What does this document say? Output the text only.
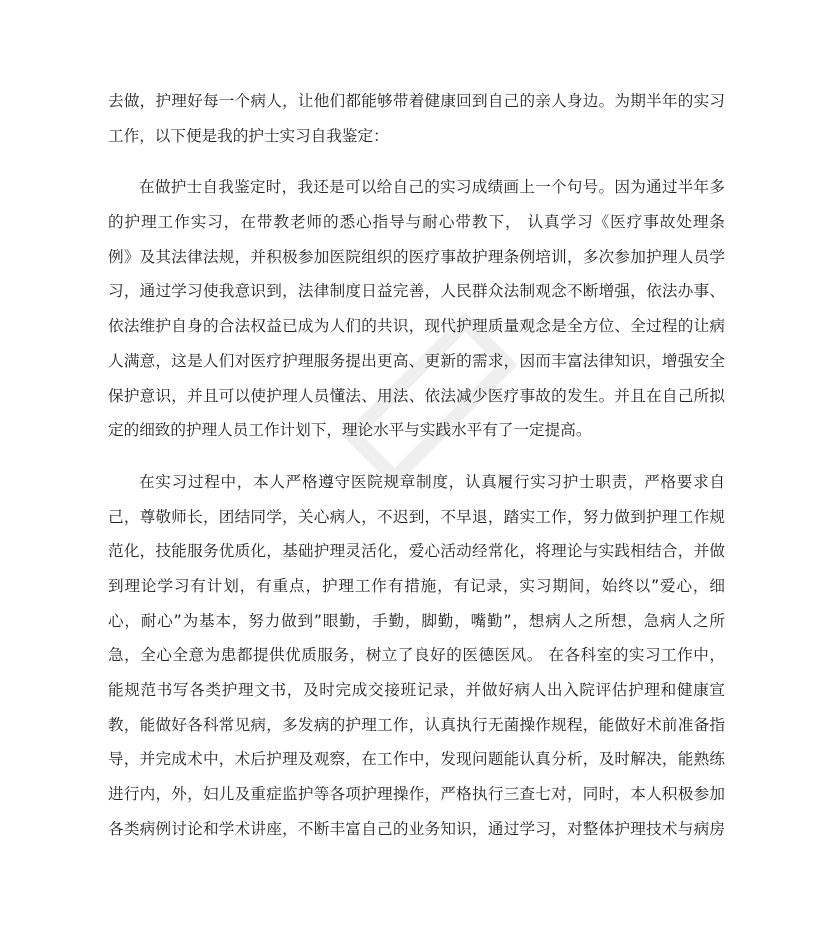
去做，护理好每一个病人，让他们都能够带着健康回到自己的亲人身边。为期半年的实习
工作，以下便是我的护士实习自我鉴定：
在做护士自我鉴定时，我还是可以给自己的实习成绩画上一个句号。因为通过半年多
的护理工作实习，在带教老师的悉心指导与耐心带教下， 认真学习《医疗事故处理条
例》及其法律法规，并积极参加医院组织的医疗事故护理条例培训，多次参加护理人员学
习，通过学习使我意识到，法律制度日益完善，人民群众法制观念不断增强，依法办事、
依法维护自身的合法权益已成为人们的共识，现代护理质量观念是全方位、全过程的让病
人满意，这是人们对医疗护理服务提出更高、更新的需求，因而丰富法律知识，增强安全
保护意识，并且可以使护理人员懂法、用法、依法减少医疗事故的发生。并且在自己所拟
定的细致的护理人员工作计划下，理论水平与实践水平有了一定提高。
在实习过程中，本人严格遵守医院规章制度，认真履行实习护士职责，严格要求自
己，尊敬师长，团结同学，关心病人，不迟到，不早退，踏实工作，努力做到护理工作规
范化，技能服务优质化，基础护理灵活化，爱心活动经常化，将理论与实践相结合，并做
到理论学习有计划，有重点，护理工作有措施，有记录，实习期间，始终以”爱心，细
心，耐心”为基本，努力做到”眼勤，手勤，脚勤，嘴勤”，想病人之所想，急病人之所
急，全心全意为患都提供优质服务，树立了良好的医德医风。 在各科室的实习工作中，
能规范书写各类护理文书，及时完成交接班记录，并做好病人出入院评估护理和健康宣
教，能做好各科常见病，多发病的护理工作，认真执行无菌操作规程，能做好术前准备指
导，并完成术中，术后护理及观察，在工作中，发现问题能认真分析，及时解决，能熟练
进行内，外，妇儿及重症监护等各项护理操作，严格执行三查七对，同时，本人积极参加
各类病例讨论和学术讲座，不断丰富自己的业务知识，通过学习，对整体护理技术与病房
